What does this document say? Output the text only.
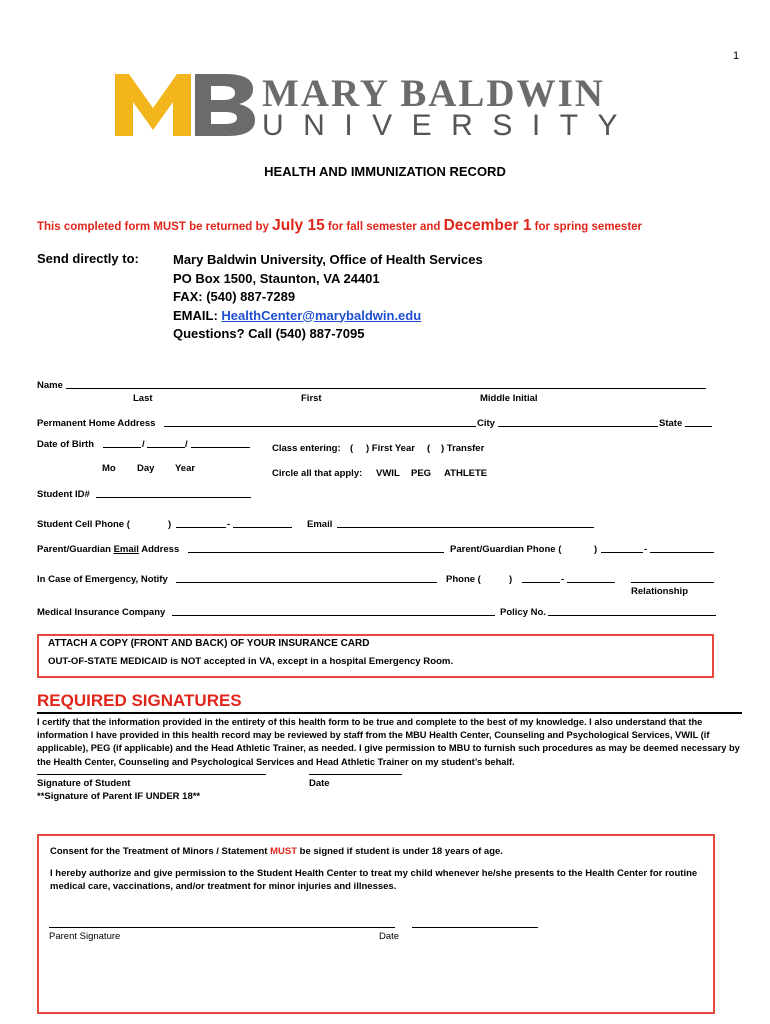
1
MARY BALDWIN
UNIVERSITY
HEALTH AND IMMUNIZATION RECORD
This completed form MUST be returned by July 15 for fall semester and December 1 for spring semester
Send directly to:	Mary Baldwin University, Office of Health Services
PO Box 1500, Staunton, VA 24401
FAX: (540) 887-7289
EMAIL: HealthCenter@marybaldwin.edu
Questions? Call (540) 887-7095
Name
Last	First	Middle Initial
Permanent Home Address	City	State
Date of Birth	/	/
Mo Day Year
Class entering: ( ) First Year ( ) Transfer
Circle all that apply: VWIL PEG ATHLETE
Student ID#
Student Cell Phone (	)	-	Email
Parent/Guardian Email Address	Parent/Guardian Phone (	)	-
In Case of Emergency, Notify	Phone (	)	-
Relationship
Medical Insurance Company	Policy No.
ATTACH A COPY (FRONT AND BACK) OF YOUR INSURANCE CARD
OUT-OF-STATE MEDICAID is NOT accepted in VA, except in a hospital Emergency Room.
REQUIRED SIGNATURES
I certify that the information provided in the entirety of this health form to be true and complete to the best of my knowledge. I also understand that the information I have provided in this health record may be reviewed by staff from the MBU Health Center, Counseling and Psychological Services, VWIL (if applicable), PEG (if applicable) and the Head Athletic Trainer, as needed. I give permission to MBU to furnish such procedures as may be deemed necessary by the Health Center, Counseling and Psychological Services and Head Athletic Trainer on my student’s behalf.
Signature of Student	Date
**Signature of Parent IF UNDER 18**
Consent for the Treatment of Minors / Statement MUST be signed if student is under 18 years of age.
I hereby authorize and give permission to the Student Health Center to treat my child whenever he/she presents to the Health Center for routine medical care, vaccinations, and/or treatment for minor injuries and illnesses.
Parent Signature	Date
